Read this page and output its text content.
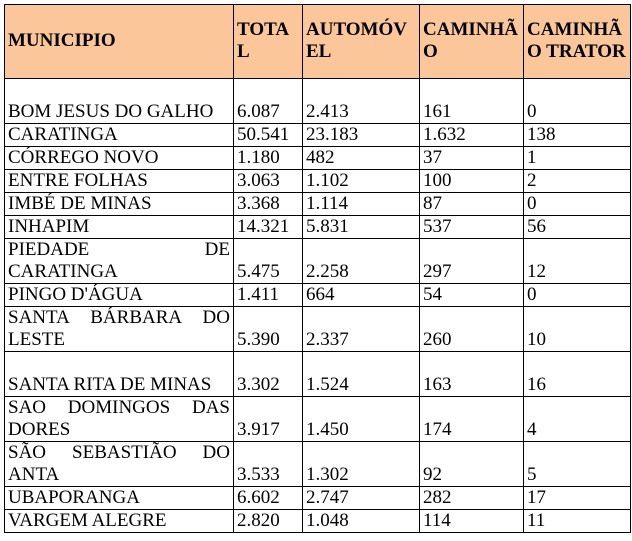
MUNICIPIO	TOTAL	AUTOMÓVEL	CAMINHÃO	CAMINHÃO TRATOR
BOM JESUS DO GALHO	6.087	2.413	161	0
CARATINGA	50.541	23.183	1.632	138
CÓRREGO NOVO	1.180	482	37	1
ENTRE FOLHAS	3.063	1.102	100	2
IMBÉ DE MINAS	3.368	1.114	87	0
INHAPIM	14.321	5.831	537	56
PIEDADE DE CARATINGA	5.475	2.258	297	12
PINGO D'ÁGUA	1.411	664	54	0
SANTA BÁRBARA DO LESTE	5.390	2.337	260	10
SANTA RITA DE MINAS	3.302	1.524	163	16
SAO DOMINGOS DAS DORES	3.917	1.450	174	4
SÃO SEBASTIÃO DO ANTA	3.533	1.302	92	5
UBAPORANGA	6.602	2.747	282	17
VARGEM ALEGRE	2.820	1.048	114	11
